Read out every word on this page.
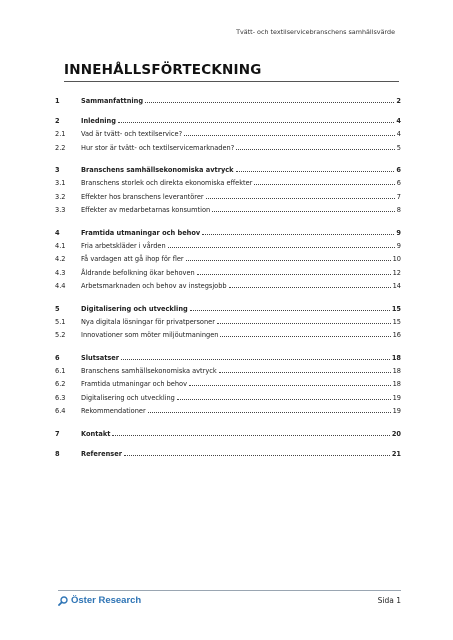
Tvätt- och textilservicebranschens samhällsvärde
INNEHÅLLSFÖRTECKNING
1	Sammanfattning	2
2	Inledning	4
2.1	Vad är tvätt- och textilservice?	4
2.2	Hur stor är tvätt- och textilservicemarknaden?	5
3	Branschens samhällsekonomiska avtryck	6
3.1	Branschens storlek och direkta ekonomiska effekter	6
3.2	Effekter hos branschens leverantörer	7
3.3	Effekter av medarbetarnas konsumtion	8
4	Framtida utmaningar och behov	9
4.1	Fria arbetskläder i vården	9
4.2	Få vardagen att gå ihop för fler	10
4.3	Åldrande befolkning ökar behoven	12
4.4	Arbetsmarknaden och behov av instegsjobb	14
5	Digitalisering och utveckling	15
5.1	Nya digitala lösningar för privatpersoner	15
5.2	Innovationer som möter miljöutmaningen	16
6	Slutsatser	18
6.1	Branschens samhällsekonomiska avtryck	18
6.2	Framtida utmaningar och behov	18
6.3	Digitalisering och utveckling	19
6.4	Rekommendationer	19
7	Kontakt	20
8	Referenser	21
Öster Research	Sida 1
